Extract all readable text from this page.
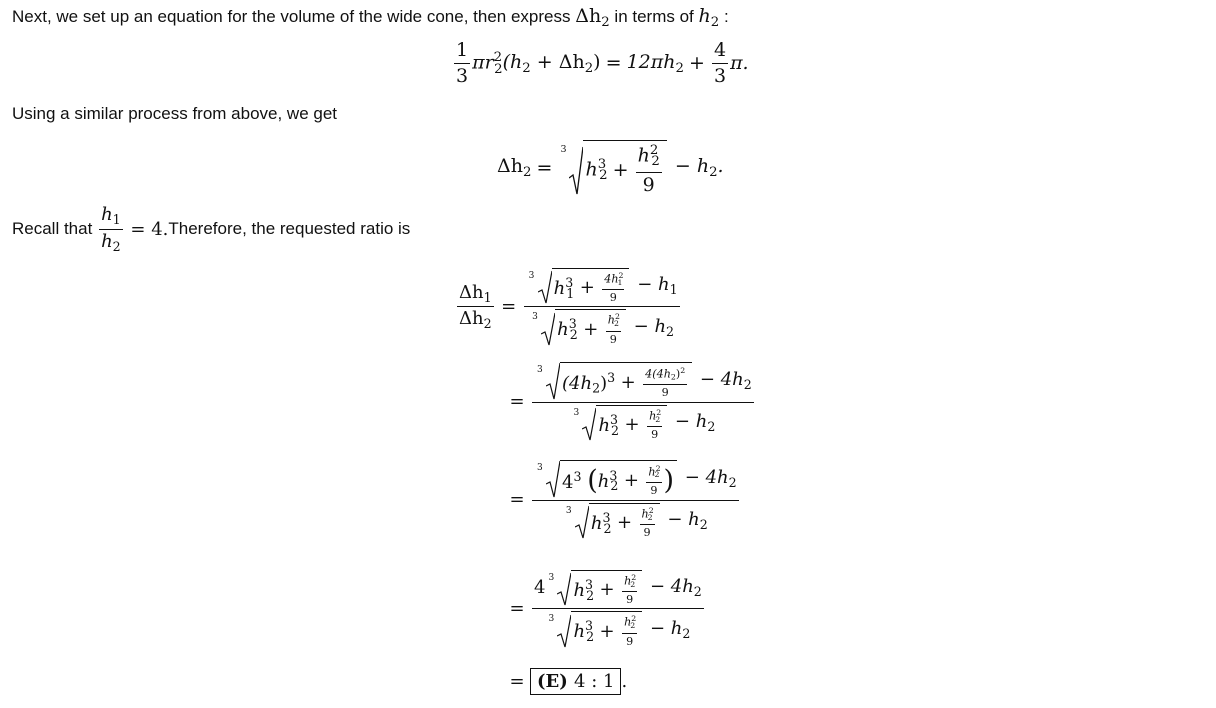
Next, we set up an equation for the volume of the wide cone, then express
$\Delta h_2$
in terms of
$h_2$
:
$\frac{1}{3} \pi r^2_2$ $(h_2 + \Delta h_2) = 12\pi h_2 + \frac{4}{3} \pi$.
Using a similar process from above, we get
$\Delta h_2$ =
3
$h^3_2 + \frac{h^2_2}{9}$
− $h_2$.
Recall that
$\frac{h_1}{h_2}$
= 4. Therefore, the requested ratio is
$\frac{\Delta h_1}{\Delta h_2} = 3$
$h^3_1 + \frac{4h^2_1}{9}$
− $h_1$
3
$h^3_2 + \frac{h^2_2}{9}$
− $h_2$
= 3
$(4h_2)^3 + \frac{4(4h_2)^2}{9}$
− $4h_2$
3
$h^3_2 + \frac{h^2_2}{9}$
− $h_2$
= 3
$4^3$
( $h^3_2 + \frac{h^2_2}{9}$ )
− $4h_2$
3
$h^3_2 + \frac{h^2_2}{9}$
− $h_2$
= 4 3
$h^3_2 + \frac{h^2_2}{9}$
− $4h_2$
3
$h^3_2 + \frac{h^2_2}{9}$
− $h_2$
= (E) 4 : 1 .
